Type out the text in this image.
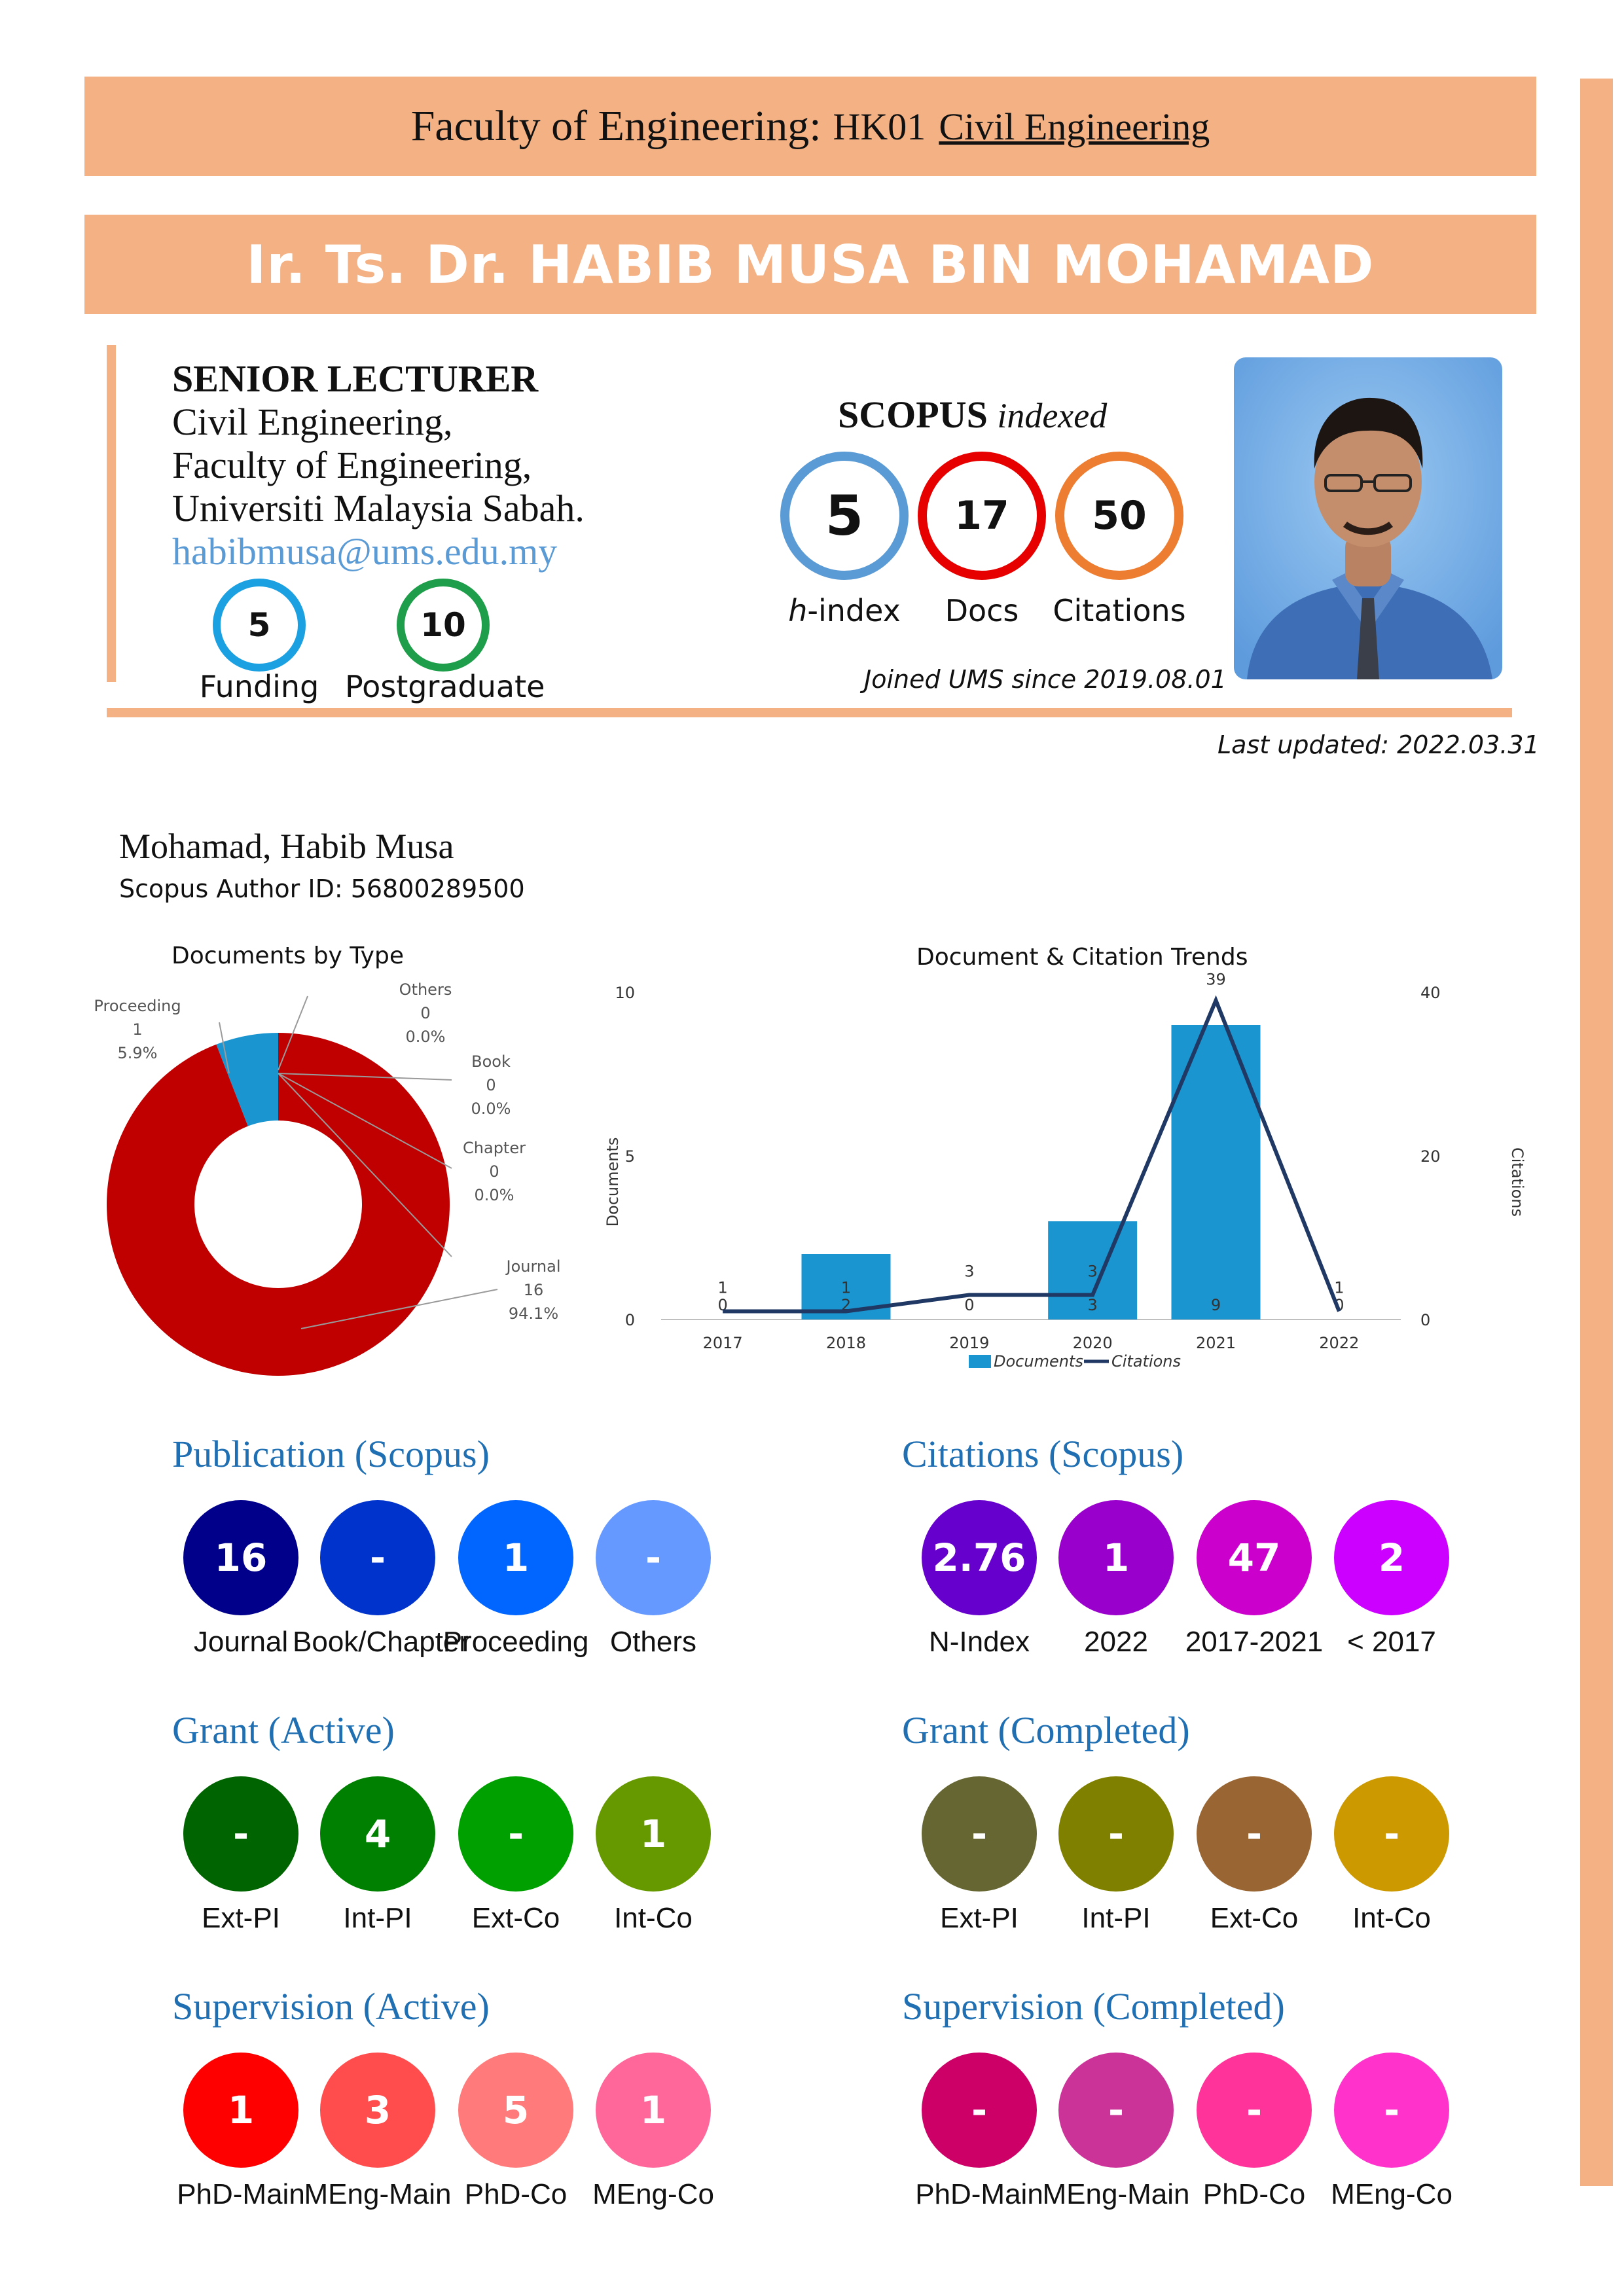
Faculty of Engineering: HK01 Civil Engineering
Ir. Ts. Dr. HABIB MUSA BIN MOHAMAD
SENIOR LECTURER
Civil Engineering,
Faculty of Engineering,
Universiti Malaysia Sabah.
habibmusa@ums.edu.my
5
Funding
10
Postgraduate
SCOPUS indexed
5
h-index
17
Docs
50
Citations
Joined UMS since 2019.08.01
Last updated: 2022.03.31
Mohamad, Habib Musa
Scopus Author ID: 56800289500
Documents by Type
Others
0
0.0%
Book
0
0.0%
Chapter
0
0.0%
Journal
16
94.1%
Proceeding
1
5.9%
Document & Citation Trends
0
5
10
0
20
40
Documents	Citations
2017
0
2018
2
2019
0
2020
3
2021
9
2022
0
1	1
3	3
39
1
Documents Citations
Publication (Scopus)
16
Journal
-
Book/Chapter
1
Proceeding
-
Others
Citations (Scopus)
2.76
N-Index
1
2022
47
2017-2021
2
< 2017
Grant (Active)
-
Ext-PI
4
Int-PI
-
Ext-Co
1
Int-Co
Grant (Completed)
-
Ext-PI
-
Int-PI
-
Ext-Co
-
Int-Co
Supervision (Active)
1
PhD-Main
3
MEng-Main
5
PhD-Co
1
MEng-Co
Supervision (Completed)
-
PhD-Main
-
MEng-Main
-
PhD-Co
-
MEng-Co
